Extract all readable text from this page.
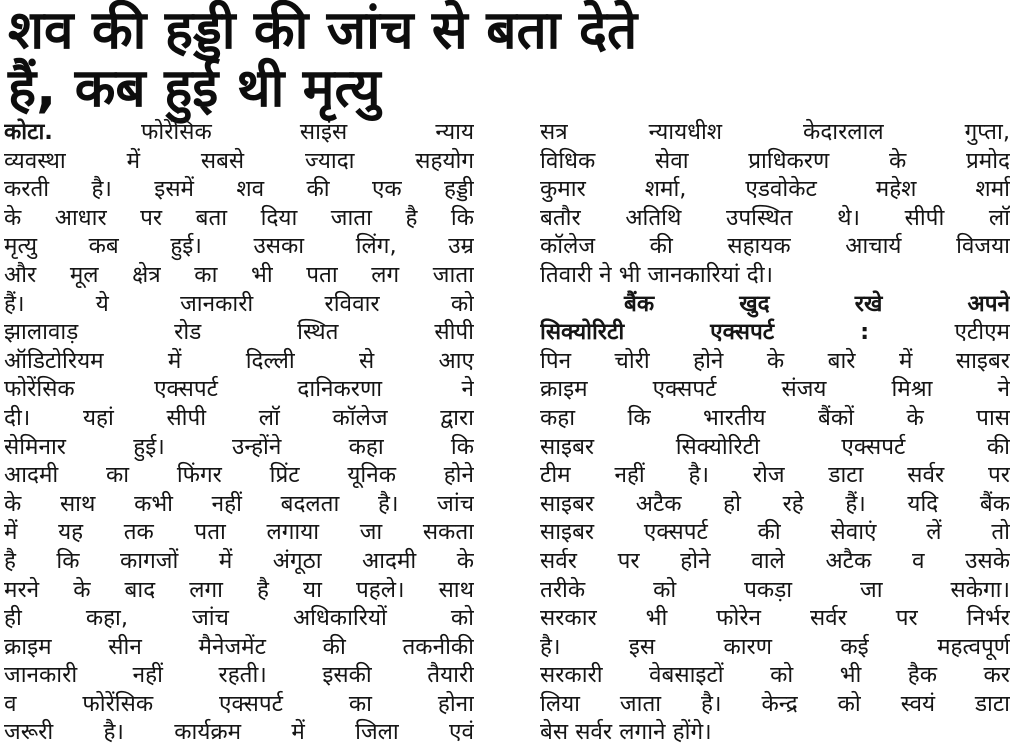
शव की हड्डी की जांच से बता देते
हैं, कब हुई थी मृत्यु
कोटा. फोरेंसिक साइंस न्याय
व्यवस्था में सबसे ज्यादा सहयोग
करती है। इसमें शव की एक हड्डी
के आधार पर बता दिया जाता है कि
मृत्यु कब हुई। उसका लिंग, उम्र
और मूल क्षेत्र का भी पता लग जाता
हैं। ये जानकारी रविवार को
झालावाड़ रोड स्थित सीपी
ऑडिटोरियम में दिल्ली से आए
फोरेंसिक एक्सपर्ट दानिकरणा ने
दी। यहां सीपी लॉ कॉलेज द्वारा
सेमिनार हुई। उन्होंने कहा कि
आदमी का फिंगर प्रिंट यूनिक होने
के साथ कभी नहीं बदलता है। जांच
में यह तक पता लगाया जा सकता
है कि कागजों में अंगूठा आदमी के
मरने के बाद लगा है या पहले। साथ
ही कहा, जांच अधिकारियों को
क्राइम सीन मैनेजमेंट की तकनीकी
जानकारी नहीं रहती। इसकी तैयारी
व फोरेंसिक एक्सपर्ट का होना
जरूरी है। कार्यक्रम में जिला एवं
सत्र न्यायधीश केदारलाल गुप्ता,
विधिक सेवा प्राधिकरण के प्रमोद
कुमार शर्मा, एडवोकेट महेश शर्मा
बतौर अतिथि उपस्थित थे। सीपी लॉ
कॉलेज की सहायक आचार्य विजया
तिवारी ने भी जानकारियां दी।
बैंक खुद रखे अपने
सिक्योरिटी एक्सपर्ट : एटीएम
पिन चोरी होने के बारे में साइबर
क्राइम एक्सपर्ट संजय मिश्रा ने
कहा कि भारतीय बैंकों के पास
साइबर सिक्योरिटी एक्सपर्ट की
टीम नहीं है। रोज डाटा सर्वर पर
साइबर अटैक हो रहे हैं। यदि बैंक
साइबर एक्सपर्ट की सेवाएं लें तो
सर्वर पर होने वाले अटैक व उसके
तरीके को पकड़ा जा सकेगा।
सरकार भी फोरेन सर्वर पर निर्भर
है। इस कारण कई महत्वपूर्ण
सरकारी वेबसाइटों को भी हैक कर
लिया जाता है। केन्द्र को स्वयं डाटा
बेस सर्वर लगाने होंगे।
